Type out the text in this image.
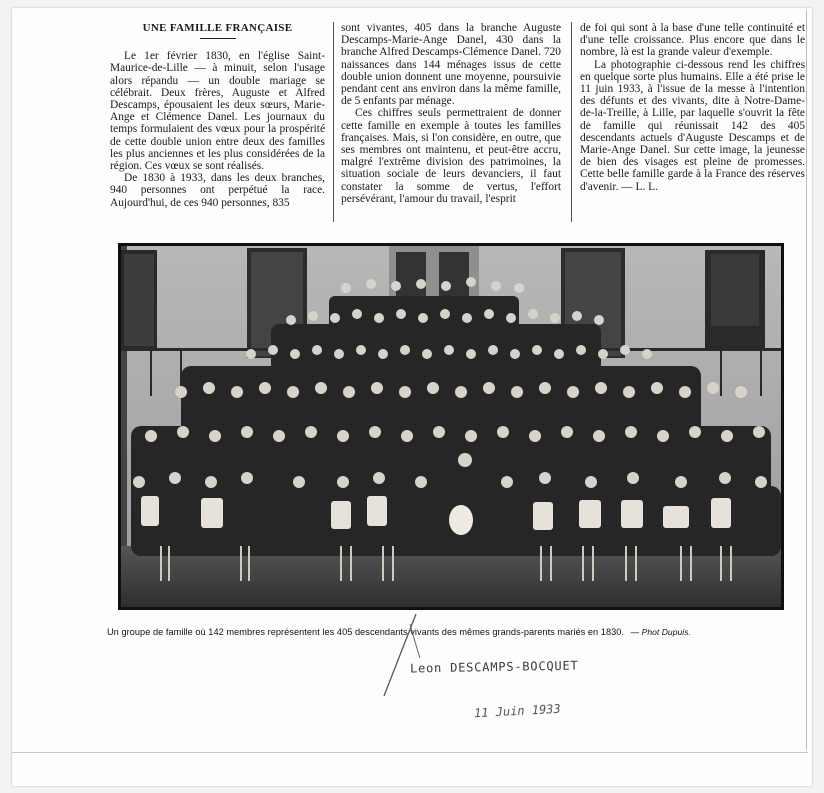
UNE FAMILLE FRANÇAISE

Le 1er février 1830, en l'église Saint-Maurice-de-Lille — à minuit, selon l'usage alors répandu — un double mariage se célébrait. Deux frères, Auguste et Alfred Descamps, épousaient les deux sœurs, Marie-Ange et Clémence Danel. Les journaux du temps formulaient des vœux pour la prospérité de cette double union entre deux des familles les plus anciennes et les plus considérées de la région. Ces vœux se sont réalisés.

De 1830 à 1933, dans les deux branches, 940 personnes ont perpétué la race. Aujourd'hui, de ces 940 personnes, 835

sont vivantes, 405 dans la branche Auguste Descamps-Marie-Ange Danel, 430 dans la branche Alfred Descamps-Clémence Danel. 720 naissances dans 144 ménages issus de cette double union donnent une moyenne, poursuivie pendant cent ans environ dans la même famille, de 5 enfants par ménage.

Ces chiffres seuls permettraient de donner cette famille en exemple à toutes les familles françaises. Mais, si l'on considère, en outre, que ses membres ont maintenu, et peut-être accru, malgré l'extrême division des patrimoines, la situation sociale de leurs devanciers, il faut constater la somme de vertus, l'effort persévérant, l'amour du travail, l'esprit

de foi qui sont à la base d'une telle continuité et d'une telle croissance. Plus encore que dans le nombre, là est la grande valeur d'exemple.

La photographie ci-dessous rend les chiffres en quelque sorte plus humains. Elle a été prise le 11 juin 1933, à l'issue de la messe à l'intention des défunts et des vivants, dite à Notre-Dame-de-la-Treille, à Lille, par laquelle s'ouvrit la fête de famille qui réunissait 142 des 405 descendants actuels d'Auguste Descamps et de Marie-Ange Danel. Sur cette image, la jeunesse de bien des visages est pleine de promesses. Cette belle famille garde à la France des réserves d'avenir. — L. L.

Un groupe de famille où 142 membres représentent les 405 descendants vivants des mêmes grands-parents mariés en 1830. — Phot Dupuis.
Leon DESCAMPS-BOCQUET
11 Juin 1933
